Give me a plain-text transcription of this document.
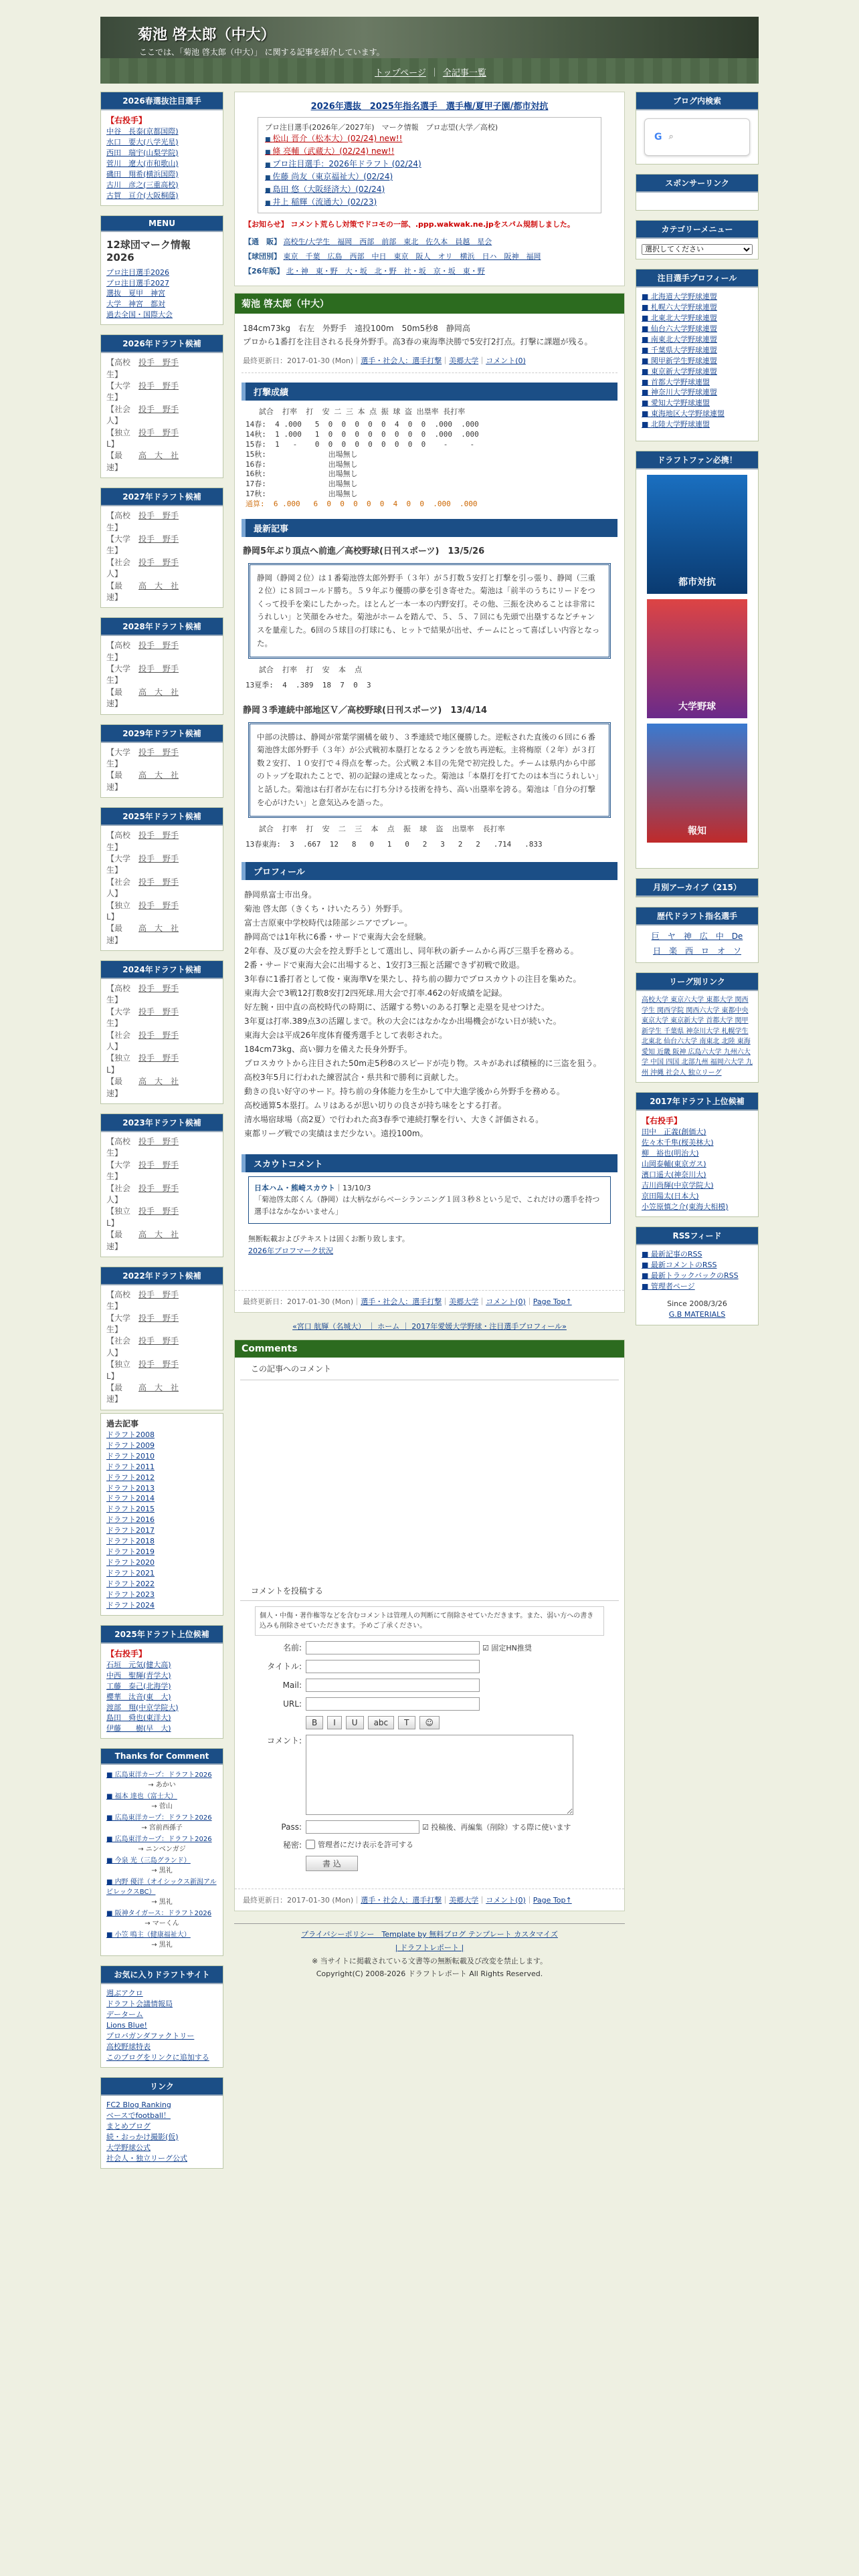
菊池 啓太郎（中大）
ここでは、「菊池 啓太郎（中大）」 に関する記事を紹介しています。
トップページ ｜ 全記事一覧
2026春選抜注目選手
【右投手】
中谷　長泰(京都国際)
水口　要大(八学光星)
西田　瑞宇(山梨学院)
菅川　遼大(市和歌山)
磯田　翔希(横浜国際)
古川　彦之(三重高校)
古賀　亘介(大阪桐蔭)
MENU
12球団マーク情報2026
プロ注目選手2026
プロ注目選手2027
選抜　夏甲　神宮
大学　神宮　都対
過去全国・国際大会
2026年ドラフト候補
【高校生】
投手　野手
【大学生】
投手　野手
【社会人】
投手　野手
【独立L】
投手　野手
【最　速】
高　大　社
2027年ドラフト候補
【高校生】
投手　野手
【大学生】
投手　野手
【社会人】
投手　野手
【最　速】
高　大　社
2028年ドラフト候補
【高校生】
投手　野手
【大学生】
投手　野手
【最　速】
高　大　社
2029年ドラフト候補
【大学生】
投手　野手
【最　速】
高　大　社
2025年ドラフト候補
【高校生】
投手　野手
【大学生】
投手　野手
【社会人】
投手　野手
【独立L】
投手　野手
【最　速】
高　大　社
2024年ドラフト候補
【高校生】
投手　野手
【大学生】
投手　野手
【社会人】
投手　野手
【独立L】
投手　野手
【最　速】
高　大　社
2023年ドラフト候補
【高校生】
投手　野手
【大学生】
投手　野手
【社会人】
投手　野手
【独立L】
投手　野手
【最　速】
高　大　社
2022年ドラフト候補
【高校生】
投手　野手
【大学生】
投手　野手
【社会人】
投手　野手
【独立L】
投手　野手
【最　速】
高　大　社
過去記事
ドラフト2008
ドラフト2009
ドラフト2010
ドラフト2011
ドラフト2012
ドラフト2013
ドラフト2014
ドラフト2015
ドラフト2016
ドラフト2017
ドラフト2018
ドラフト2019
ドラフト2020
ドラフト2021
ドラフト2022
ドラフト2023
ドラフト2024
2025年ドラフト上位候補
【右投手】
石垣　元気(健大高)
中西　聖輝(青学大)
工藤　泰己(北海学)
櫻華　汰音(東　大)
渡部　翔(中京学院大)
島田　舜也(東洋大)
伊藤　　樹(早　大)
Thanks for Comment
■ 広島東洋カープ：ドラフト2026
→ あかい
■ 福本 達也（富士大）
→ 菅山
■ 広島東洋カープ：ドラフト2026
→ 宮前西孫子
■ 広島東洋カープ：ドラフト2026
→ ニンベンガジ
■ 今泉 光（三島グランド）
→ 黒礼
■ 内野 優洋（オイシックス新潟アルビレックスBC）
→ 黒礼
■ 阪神タイガース：ドラフト2026
→ マーくん
■ 小笠 鳴主（健康福祉大）
→ 黒礼
お気に入りドラフトサイト
週ぶアクロ
ドラフト会議情報局
データーム
Lions Blue!
プロバガンダファクトリー
高校野球特表
このブログをリンクに追加する
リンク
FC2 Blog Ranking
ベースでfootball！
まとめブログ
続・おっかけ撮影(仮)
大学野球公式
社会人・独立リーグ公式
2026年選抜　2025年指名選手　選手権/夏甲子園/都市対抗
プロ注目選手(2026年／2027年)　マーク情報　プロ志望(大学／高校)
■ 松山 晋介（松本大）(02/24) new!!
■ 條 亮輔（武蔵大）(02/24) new!!
■ プロ注目選手：2026年ドラフト (02/24)
■ 佐藤 尚友（東京福祉大）(02/24)
■ 島田 悠（大阪経済大）(02/24)
■ 井上 稲輝（流通大）(02/23)
【お知らせ】 コメント荒らし対策でドコモの一部、.ppp.wakwak.ne.jpをスパム規制しました。
【通　販】 高校生/大学生　福岡　西部　前部　東北　佐久本　員越　星会
【球団別】 東京　千葉　広島　西部　中日　東京　阪人　オリ　横浜　日ハ　阪神　福岡
【26年版】 北・神　東・野　大・坂　北・野　社・坂　京・坂　東・野
菊池 啓太郎（中大）
184cm73kg　右左　外野手　遠投100m　50m5秒8　静岡高
プロから1番打を注目される長身外野手。高3春の東海準決勝で5安打2打点。打撃に課題が残る。
最終更新日：2017-01-30 (Mon)｜選手・社会人：選手打撃｜美郷大学｜コメント(0)
打撃成績
試合  打率  打  安 二 三 本 点 振 球 盗 出塁率 長打率
14春:  4 .000   5  0  0  0  0  0  4  0  0  .000  .000
14秋:  1 .000   1  0  0  0  0  0  0  0  0  .000  .000
15春:  1   -    0  0  0  0  0  0  0  0  0    -     -
15秋:              出場無し
16春:              出場無し
16秋:              出場無し
17春:              出場無し
17秋:              出場無し
通算:  6 .000   6  0  0  0  0  0  4  0  0  .000  .000
最新記事
静岡5年ぶり頂点へ前進／高校野球(日刊スポーツ)　13/5/26
静岡（静岡２位）は１番菊池啓太郎外野手（３年）が５打数５安打と打撃を引っ張り、静岡（三重２位）に８回コールド勝ち。５９年ぶり優勝の夢を引き寄せた。菊池は「前半のうちにリードをつくって投手を楽にしたかった。ほとんど一本一本の内野安打。その他、三振を決めることは非常にうれしい」と笑顔をみせた。菊池がホームを踏んで、５、５、７回にも先頭で出塁するなどチャンスを量産した。6回の５球目の打球にも、ヒットで結果が出せ、チームにとって喜ばしい内容となった。
試合  打率  打  安  本  点
13夏季:  4  .389  18  7  0  3
静岡３季連続中部地区Ｖ／高校野球(日刊スポーツ)　13/4/14
中部の決勝は、静岡が常葉学園橘を破り、３季連続で地区優勝した。逆転された直後の６回に６番菊池啓太郎外野手（３年）が公式戦初本塁打となる２ランを放ち再逆転。主将梅原（２年）が３打数２安打、１０安打で４得点を奪った。公式戦２本目の先発で初完投した。チームは県内から中部のトップを取れたことで、初の記録の達成となった。菊池は「本塁打を打てたのは本当にうれしい」と話した。菊池は右打者が左右に打ち分ける技術を持ち、高い出塁率を誇る。菊池は「自分の打撃を心がけたい」と意気込みを語った。
試合  打率  打  安  二  三  本  点  振  球  盗  出塁率  長打率
13春東海:  3  .667  12   8   0   1   0   2   3   2   2   .714   .833
プロフィール
静岡県富士市出身。
菊池 啓太郎（きくち・けいたろう）外野手。
富士吉原東中学校時代は陸部シニアでプレー。
静岡高では1年秋に6番・サードで東海大会を経験。
2年春、及び夏の大会を控え野手として選出し、同年秋の新チームから再び三塁手を務める。
2番・サードで東海大会に出場すると、1安打3三振と活躍できず初戦で敗退。
3年春に1番打者として俊・東海準Vを果たし、持ち前の脚力でプロスカウトの注目を集めた。
東海大会で3戦12打数8安打2四死球.用大会で打率.462の好成績を記録。
好左腕・田中直の高校時代の時期に、活躍する勢いのある打撃と走塁を見せつけた。
3年夏は打率.389点3の活躍しまで。秋の大会にはなかなか出場機会がない日が続いた。
東海大会は平成26年度体育優秀選手として表彰された。
184cm73kg、高い脚力を備えた長身外野手。
プロスカウトから注目された50m走5秒8のスピードが売り物。スキがあれば積極的に三盗を狙う。
高校3年5月に行われた練習試合・県共和で勝利に貢献した。
動きの良い好守のサード。持ち前の身体能力を生かして中大進学後から外野手を務める。
高校通算5本塁打。ムリはあるが思い切りの良さが持ち味をとする打者。
清水場宿球場（高2夏）で行われた高3春季で連続打撃を行い、大きく評価される。
東都リーグ戦での実績はまだ少ない。遠投100m。
スカウトコメント
日本ハム・熊崎スカウト｜13/10/3
「菊池啓太郎くん（静岡）は大柄ながらベーシランニング１回３秒８という足で、これだけの選手を持つ選手はなかなかいません」
無断転載およびテキストは固くお断り致します。
2026年プロフマーク状況
最終更新日：2017-01-30 (Mon)｜選手・社会人：選手打撃｜美郷大学｜コメント(0)｜Page Top↑
«宮口 航輝（名城大） ｜ ホーム ｜ 2017年愛媛大学野球・注目選手プロフィール»
Comments
この記事へのコメント
コメントを投稿する
個人・中傷・著作権等などを含むコメントは管理人の判断にて削除させていただきます。また、弱い方への書き込みも削除させていただきます。予めご了承ください。
名前:	☑ 固定HN推奨
タイトル:
Mail:
URL:
B	I	U	abc	T	☺
コメント:
Pass:	☑ 投稿後、再編集（削除）する際に使います
秘密: 管理者にだけ表示を許可する
書 込
最終更新日：2017-01-30 (Mon)｜選手・社会人：選手打撃｜美郷大学｜コメント(0)｜Page Top↑
プライバシーポリシー　Template by 無料ブログ テンプレート カスタマイズ
| ドラフトレポート |
※ 当サイトに掲載されている文書等の無断転載及び改変を禁止します。
Copyright(C) 2008-2026 ドラフトレポート All Rights Reserved.
ブログ内検索
G ⌕
スポンサーリンク
カテゴリーメニュー
選択してください
注目選手プロフィール
■ 北海道大学野球連盟
■ 札幌六大学野球連盟
■ 北東北大学野球連盟
■ 仙台六大学野球連盟
■ 南東北大学野球連盟
■ 千葉県大学野球連盟
■ 関甲新学生野球連盟
■ 東京新大学野球連盟
■ 首都大学野球連盟
■ 神奈川大学野球連盟
■ 愛知大学野球連盟
■ 東海地区大学野球連盟
■ 北陸大学野球連盟
ドラフトファン必携！
都市対抗
大学野球
報知
月別アーカイブ（215）
歴代ドラフト指名選手
巨　ヤ　神　広　中　De
日　楽　西　ロ　オ　ソ
リーグ別リンク
高校大学 東京六大学 東都大学 関西学生 関西学院 関西六大学 東都中央 東京大学 東京新大学 首都大学 関甲新学生 千葉県 神奈川大学 札幌学生 北東北 仙台六大学 南東北 北陸 東海 愛知 近畿 阪神 広島六大学 九州六大学 中国 四国 北部九州 福岡六大学 九州 沖縄 社会人 独立リーグ
2017年ドラフト上位候補
【右投手】
田中　正義(創価大)
佐々木千隼(桜美林大)
柳　裕也(明治大)
山岡泰輔(東京ガス)
濱口遥大(神奈川大)
吉川尚輝(中京学院大)
京田陽太(日本大)
小笠原慎之介(東海大相模)
RSSフィード
■ 最新記事のRSS
■ 最新コメントのRSS
■ 最新トラックバックのRSS
■ 管理者ページ
Since 2008/3/26
G.B MATERIALS
